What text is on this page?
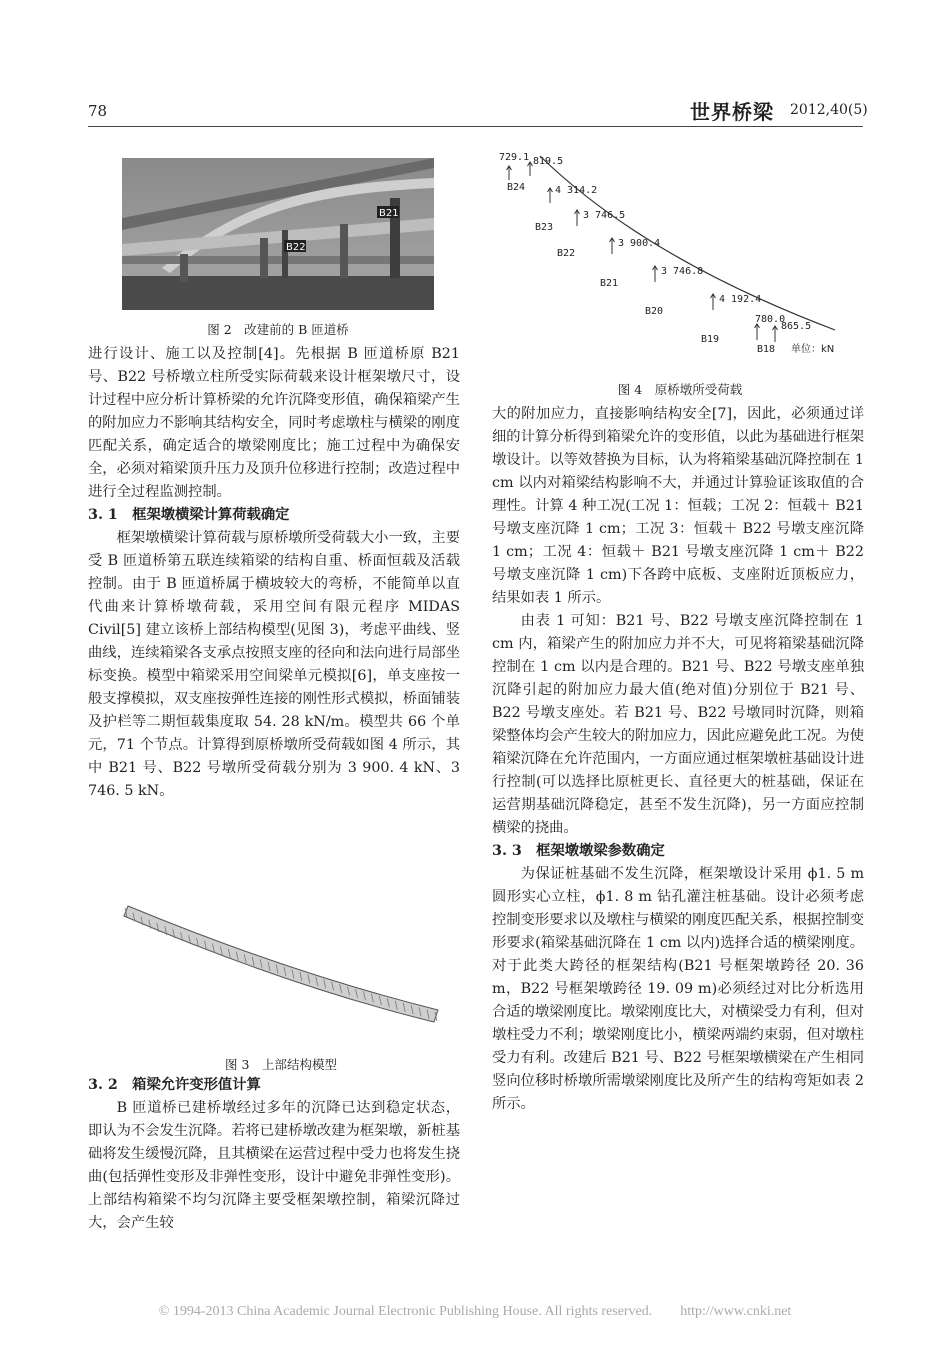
78	世界桥梁 2012,40(5)
B21
B22
图 2　改建前的 B 匝道桥
729.1 819.5
4 314.2
3 746.5
3 900.4
3 746.8
4 192.4
780.0
865.5
B24
B23
B22
B21
B20
B19
B18 单位：kN
图 4　原桥墩所受荷载
图 3　上部结构模型

进行设计、施工以及控制[4]。先根据 B 匝道桥原 B21 号、B22 号桥墩立柱所受实际荷载来设计框架墩尺寸，设计过程中应分析计算桥梁的允许沉降变形值，确保箱梁产生的附加应力不影响其结构安全，同时考虑墩柱与横梁的刚度匹配关系，确定适合的墩梁刚度比；施工过程中为确保安全，必须对箱梁顶升压力及顶升位移进行控制；改造过程中进行全过程监测控制。

3. 1　框架墩横梁计算荷载确定

框架墩横梁计算荷载与原桥墩所受荷载大小一致，主要受 B 匝道桥第五联连续箱梁的结构自重、桥面恒载及活载控制。由于 B 匝道桥属于横坡较大的弯桥，不能简单以直代曲来计算桥墩荷载，采用空间有限元程序 MIDAS Civil[5] 建立该桥上部结构模型(见图 3)，考虑平曲线、竖曲线，连续箱梁各支承点按照支座的径向和法向进行局部坐标变换。模型中箱梁采用空间梁单元模拟[6]，单支座按一般支撑模拟，双支座按弹性连接的刚性形式模拟，桥面铺装及护栏等二期恒载集度取 54. 28 kN/m。模型共 66 个单元，71 个节点。计算得到原桥墩所受荷载如图 4 所示，其中 B21 号、B22 号墩所受荷载分别为 3 900. 4 kN、3 746. 5 kN。

3. 2　箱梁允许变形值计算

B 匝道桥已建桥墩经过多年的沉降已达到稳定状态，即认为不会发生沉降。若将已建桥墩改建为框架墩，新桩基础将发生缓慢沉降，且其横梁在运营过程中受力也将发生挠曲(包括弹性变形及非弹性变形，设计中避免非弹性变形)。上部结构箱梁不均匀沉降主要受框架墩控制，箱梁沉降过大，会产生较

大的附加应力，直接影响结构安全[7]，因此，必须通过详细的计算分析得到箱梁允许的变形值，以此为基础进行框架墩设计。以等效替换为目标，认为将箱梁基础沉降控制在 1 cm 以内对箱梁结构影响不大，并通过计算验证该取值的合理性。计算 4 种工况(工况 1：恒载；工况 2：恒载＋ B21 号墩支座沉降 1 cm；工况 3：恒载＋ B22 号墩支座沉降 1 cm；工况 4：恒载＋ B21 号墩支座沉降 1 cm＋ B22 号墩支座沉降 1 cm)下各跨中底板、支座附近顶板应力，结果如表 1 所示。

由表 1 可知：B21 号、B22 号墩支座沉降控制在 1 cm 内，箱梁产生的附加应力并不大，可见将箱梁基础沉降控制在 1 cm 以内是合理的。B21 号、B22 号墩支座单独沉降引起的附加应力最大值(绝对值)分别位于 B21 号、B22 号墩支座处。若 B21 号、B22 号墩同时沉降，则箱梁整体均会产生较大的附加应力，因此应避免此工况。为使箱梁沉降在允许范围内，一方面应通过框架墩桩基础设计进行控制(可以选择比原桩更长、直径更大的桩基础，保证在运营期基础沉降稳定，甚至不发生沉降)，另一方面应控制横梁的挠曲。

3. 3　框架墩墩梁参数确定

为保证桩基础不发生沉降，框架墩设计采用 ϕ1. 5 m 圆形实心立柱，ϕ1. 8 m 钻孔灌注桩基础。设计必须考虑控制变形要求以及墩柱与横梁的刚度匹配关系，根据控制变形要求(箱梁基础沉降在 1 cm 以内)选择合适的横梁刚度。对于此类大跨径的框架结构(B21 号框架墩跨径 20. 36 m，B22 号框架墩跨径 19. 09 m)必须经过对比分析选用合适的墩梁刚度比。墩梁刚度比大，对横梁受力有利，但对墩柱受力不利；墩梁刚度比小，横梁两端约束弱，但对墩柱受力有利。改建后 B21 号、B22 号框架墩横梁在产生相同竖向位移时桥墩所需墩梁刚度比及所产生的结构弯矩如表 2 所示。

© 1994-2013 China Academic Journal Electronic Publishing House. All rights reserved.　　http://www.cnki.net
